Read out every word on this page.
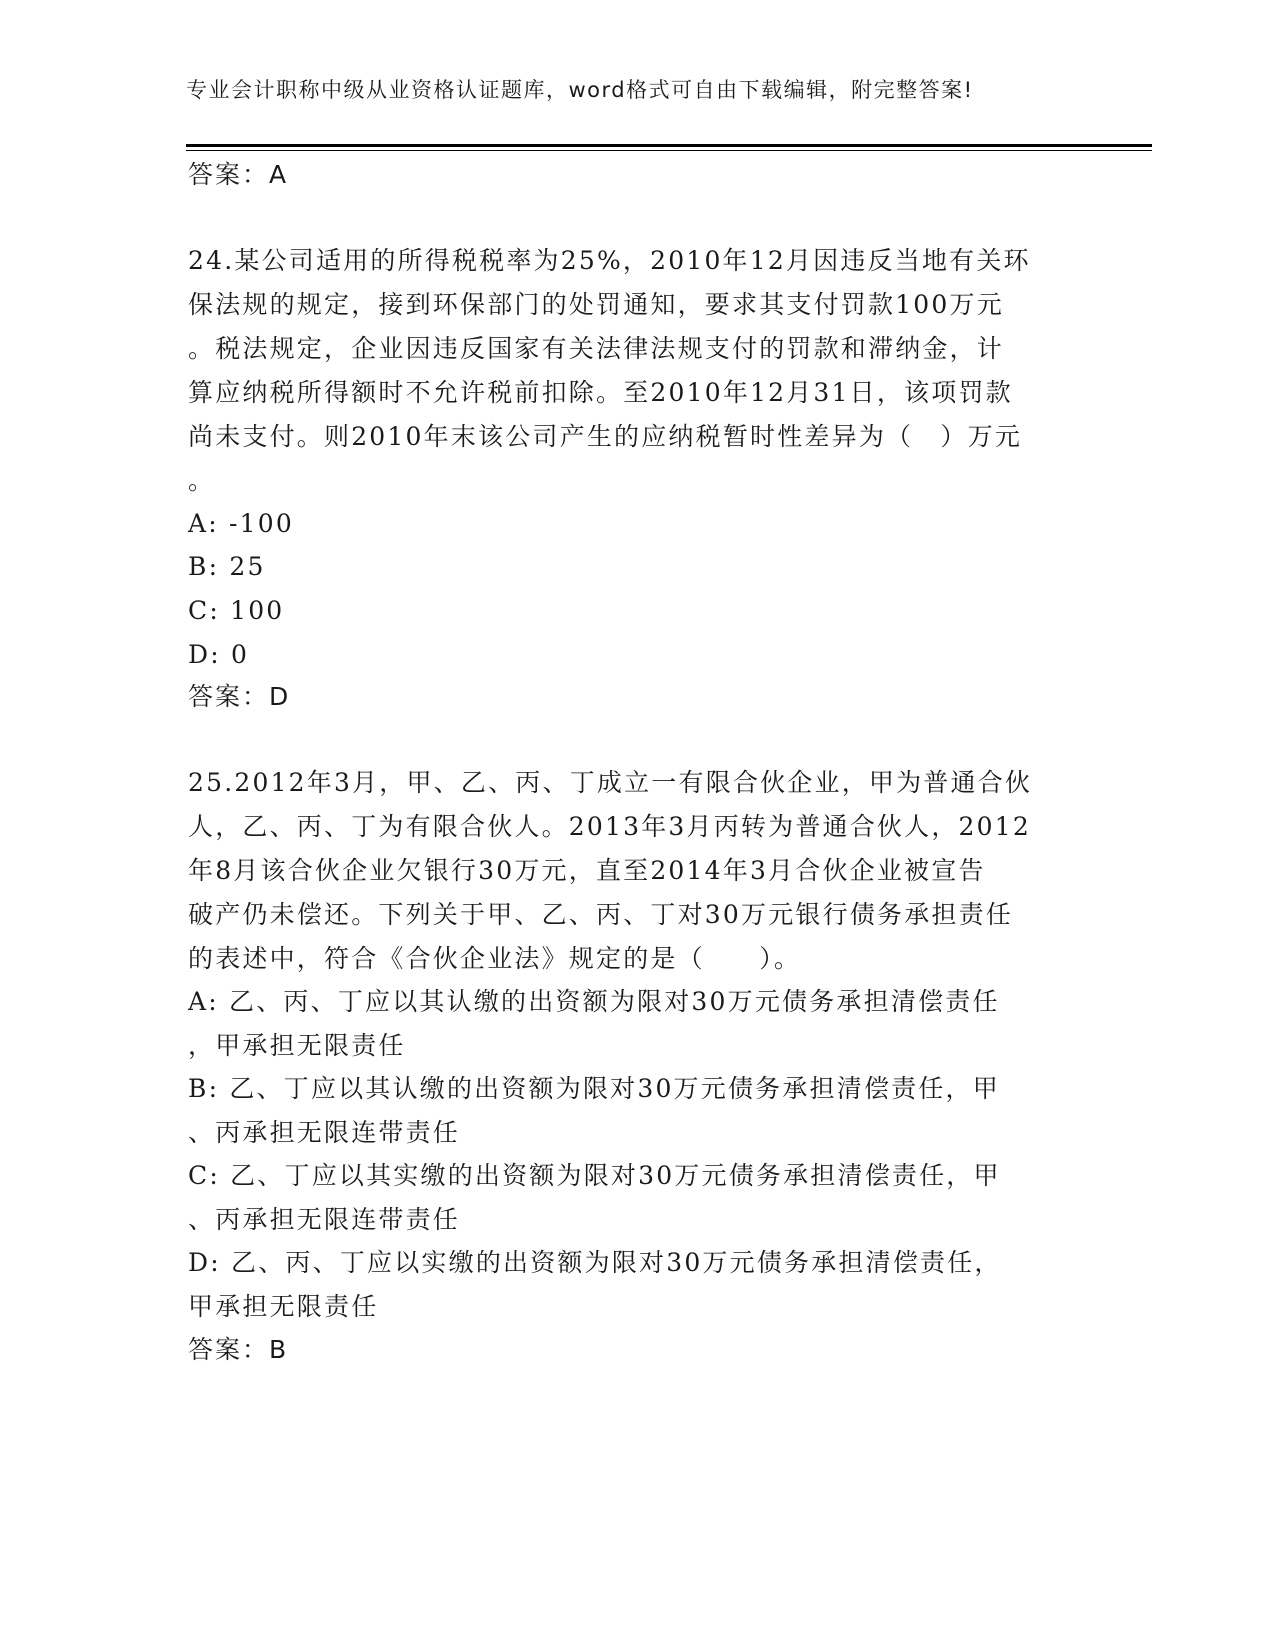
专业会计职称中级从业资格认证题库，word格式可自由下载编辑，附完整答案!
答案：A
24.某公司适用的所得税税率为25%，2010年12月因违反当地有关环
保法规的规定，接到环保部门的处罚通知，要求其支付罚款100万元
。税法规定，企业因违反国家有关法律法规支付的罚款和滞纳金，计
算应纳税所得额时不允许税前扣除。至2010年12月31日，该项罚款
尚未支付。则2010年末该公司产生的应纳税暂时性差异为（　）万元
。
A: -100
B: 25
C: 100
D: 0
答案：D
25.2012年3月，甲、乙、丙、丁成立一有限合伙企业，甲为普通合伙
人，乙、丙、丁为有限合伙人。2013年3月丙转为普通合伙人，2012
年8月该合伙企业欠银行30万元，直至2014年3月合伙企业被宣告
破产仍未偿还。下列关于甲、乙、丙、丁对30万元银行债务承担责任
的表述中，符合《合伙企业法》规定的是（　　）。
A: 乙、丙、丁应以其认缴的出资额为限对30万元债务承担清偿责任
，甲承担无限责任
B: 乙、丁应以其认缴的出资额为限对30万元债务承担清偿责任，甲
、丙承担无限连带责任
C: 乙、丁应以其实缴的出资额为限对30万元债务承担清偿责任，甲
、丙承担无限连带责任
D: 乙、丙、丁应以实缴的出资额为限对30万元债务承担清偿责任，
甲承担无限责任
答案：B
